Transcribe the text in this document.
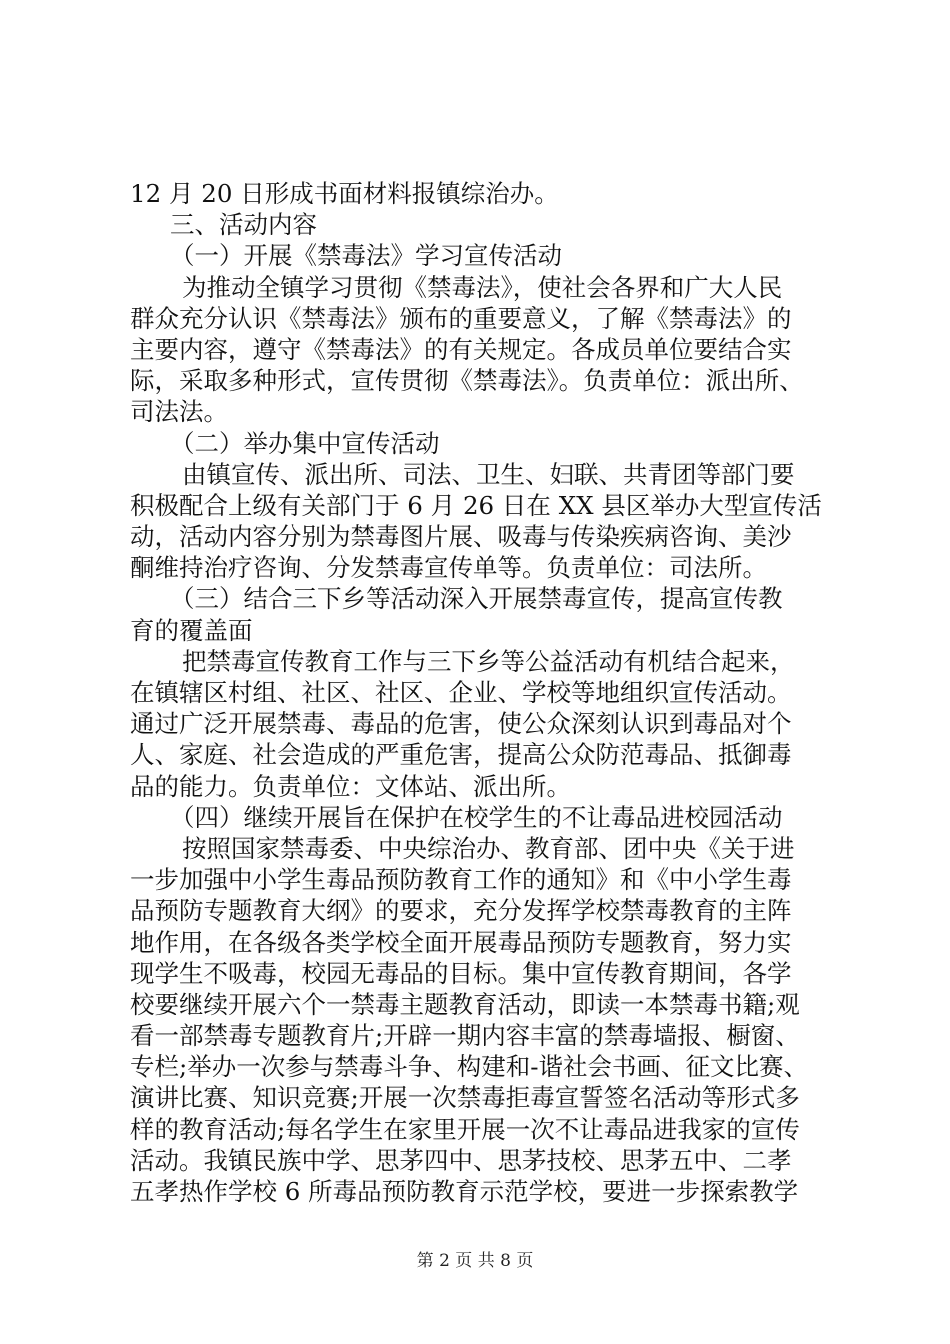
12 月 20 日形成书面材料报镇综治办。
三、活动内容
（一）开展《禁毒法》学习宣传活动
为推动全镇学习贯彻《禁毒法》，使社会各界和广大人民
群众充分认识《禁毒法》颁布的重要意义，了解《禁毒法》的
主要内容，遵守《禁毒法》的有关规定。各成员单位要结合实
际，采取多种形式，宣传贯彻《禁毒法》。负责单位：派出所、
司法法。
（二）举办集中宣传活动
由镇宣传、派出所、司法、卫生、妇联、共青团等部门要
积极配合上级有关部门于 6 月 26 日在 XX 县区举办大型宣传活
动，活动内容分别为禁毒图片展、吸毒与传染疾病咨询、美沙
酮维持治疗咨询、分发禁毒宣传单等。负责单位：司法所。
（三）结合三下乡等活动深入开展禁毒宣传，提高宣传教
育的覆盖面
把禁毒宣传教育工作与三下乡等公益活动有机结合起来，
在镇辖区村组、社区、社区、企业、学校等地组织宣传活动。
通过广泛开展禁毒、毒品的危害，使公众深刻认识到毒品对个
人、家庭、社会造成的严重危害，提高公众防范毒品、抵御毒
品的能力。负责单位：文体站、派出所。
（四）继续开展旨在保护在校学生的不让毒品进校园活动
按照国家禁毒委、中央综治办、教育部、团中央《关于进
一步加强中小学生毒品预防教育工作的通知》和《中小学生毒
品预防专题教育大纲》的要求，充分发挥学校禁毒教育的主阵
地作用，在各级各类学校全面开展毒品预防专题教育，努力实
现学生不吸毒，校园无毒品的目标。集中宣传教育期间，各学
校要继续开展六个一禁毒主题教育活动，即读一本禁毒书籍;观
看一部禁毒专题教育片;开辟一期内容丰富的禁毒墙报、橱窗、
专栏;举办一次参与禁毒斗争、构建和-谐社会书画、征文比赛、
演讲比赛、知识竞赛;开展一次禁毒拒毒宣誓签名活动等形式多
样的教育活动;每名学生在家里开展一次不让毒品进我家的宣传
活动。我镇民族中学、思茅四中、思茅技校、思茅五中、二孝
五孝热作学校 6 所毒品预防教育示范学校，要进一步探索教学
第 2 页 共 8 页
